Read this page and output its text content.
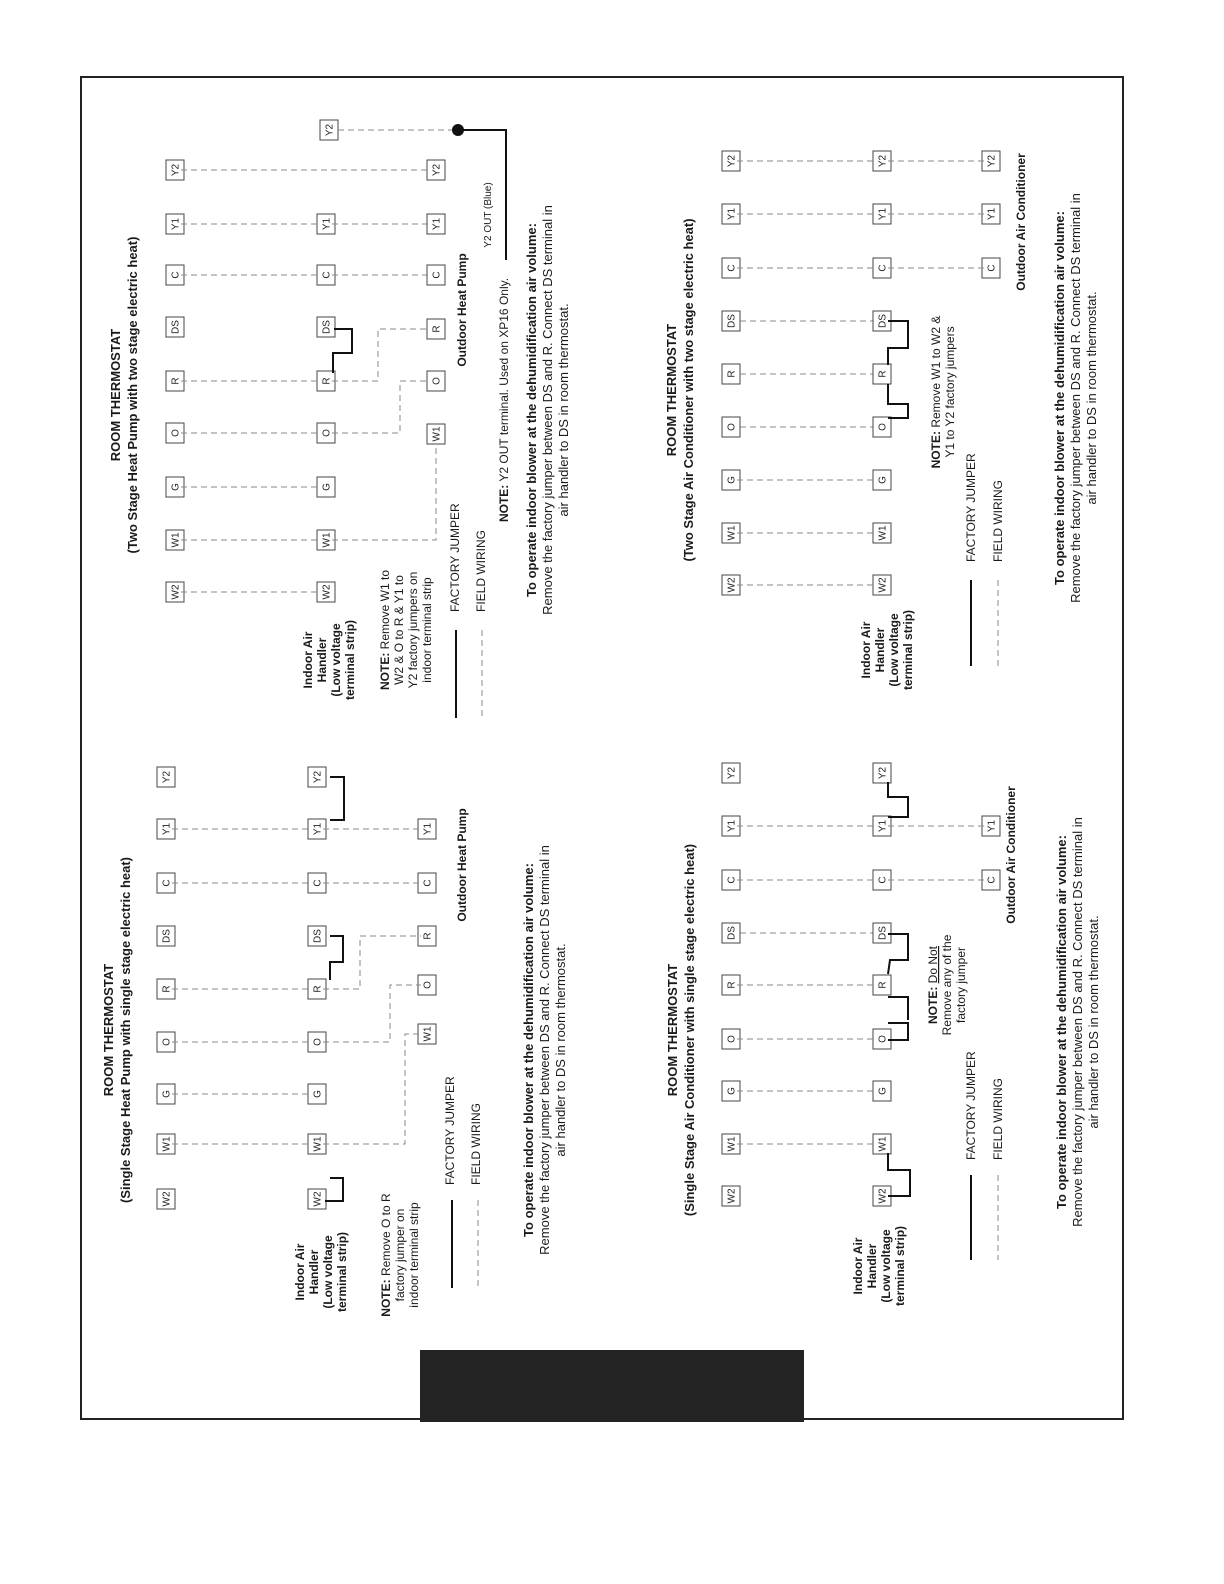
W2
W1
G
O
R
DS
C
Y1
Y2
W2
W1
G
O
R
DS
C
Y1
Y2
W1
O
R
C
Y1
ROOM THERMOSTAT (Single Stage Heat Pump with single stage electric heat)
Indoor Air Handler (Low voltage terminal strip)	NOTE: Remove O to R factory jumper on indoor terminal strip
FACTORY JUMPER FIELD WIRING
Outdoor Heat Pump	To operate indoor blower at the dehumidification air volume: Remove the factory jumper between DS and R. Connect DS terminal in air handler to DS in room thermostat.
W2
W1
G
O
R
DS
C
Y1
Y2
W2
W1
G
O
R
DS
C
Y1
W1
O
R
C
Y1
Y2
Y2
ROOM THERMOSTAT (Two Stage Heat Pump with two stage electric heat)
Indoor Air Handler (Low voltage terminal strip) NOTE: Remove W1 to W2 & O to R & Y1 to Y2 factory jumpers on indoor terminal strip
FACTORY JUMPER FIELD WIRING
Outdoor Heat Pump
Y2 OUT (Blue)
NOTE: Y2 OUT terminal. Used on XP16 Only. To operate indoor blower at the dehumidification air volume: Remove the factory jumper between DS and R. Connect DS terminal in air handler to DS in room thermostat.
W2
W1
G
O
R
DS
C
Y1
Y2
W2
W1
G
O
R
DS
C
Y1
Y2
C
Y1
ROOM THERMOSTAT (Single Stage Air Conditioner with single stage electric heat)
Indoor Air Handler (Low voltage terminal strip)
NOTE: Do Not Remove any of the factory jumper
FACTORY JUMPER FIELD WIRING
Outdoor Air Conditioner	To operate indoor blower at the dehumidification air volume: Remove the factory jumper between DS and R. Connect DS terminal in air handler to DS in room thermostat.
W2
W1
G
O
R
DS
C
Y1
Y2
W2
W1
G
O
R
DS
C
Y1
Y2
C
Y1
Y2
ROOM THERMOSTAT (Two Stage Air Conditioner with two stage electric heat)
Indoor Air Handler (Low voltage terminal strip)
NOTE: Remove W1 to W2 & Y1 to Y2 factory jumpers
FACTORY JUMPER FIELD WIRING
Outdoor Air Conditioner To operate indoor blower at the dehumidification air volume: Remove the factory jumper between DS and R. Connect DS terminal in air handler to DS in room thermostat.
